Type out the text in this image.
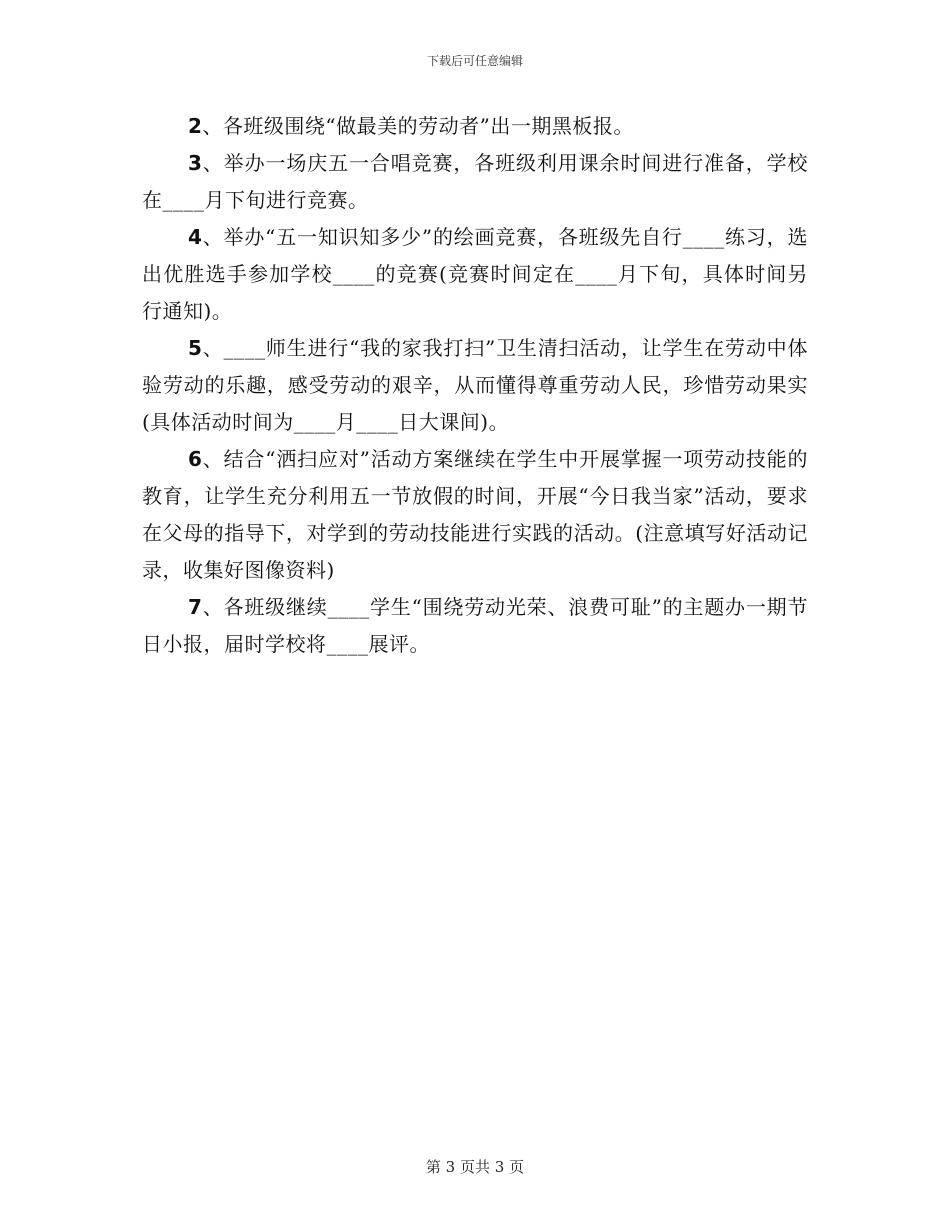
下载后可任意编辑

2、各班级围绕“做最美的劳动者”出一期黑板报。

3、举办一场庆五一合唱竞赛，各班级利用课余时间进行准备，学校在____月下旬进行竞赛。

4、举办“五一知识知多少”的绘画竞赛，各班级先自行____练习，选出优胜选手参加学校____的竞赛(竞赛时间定在____月下旬，具体时间另行通知)。

5、____师生进行“我的家我打扫”卫生清扫活动，让学生在劳动中体验劳动的乐趣，感受劳动的艰辛，从而懂得尊重劳动人民，珍惜劳动果实(具体活动时间为____月____日大课间)。

6、结合“洒扫应对”活动方案继续在学生中开展掌握一项劳动技能的教育，让学生充分利用五一节放假的时间，开展“今日我当家”活动，要求在父母的指导下，对学到的劳动技能进行实践的活动。(注意填写好活动记录，收集好图像资料)

7、各班级继续____学生“围绕劳动光荣、浪费可耻”的主题办一期节日小报，届时学校将____展评。

第 3 页共 3 页
